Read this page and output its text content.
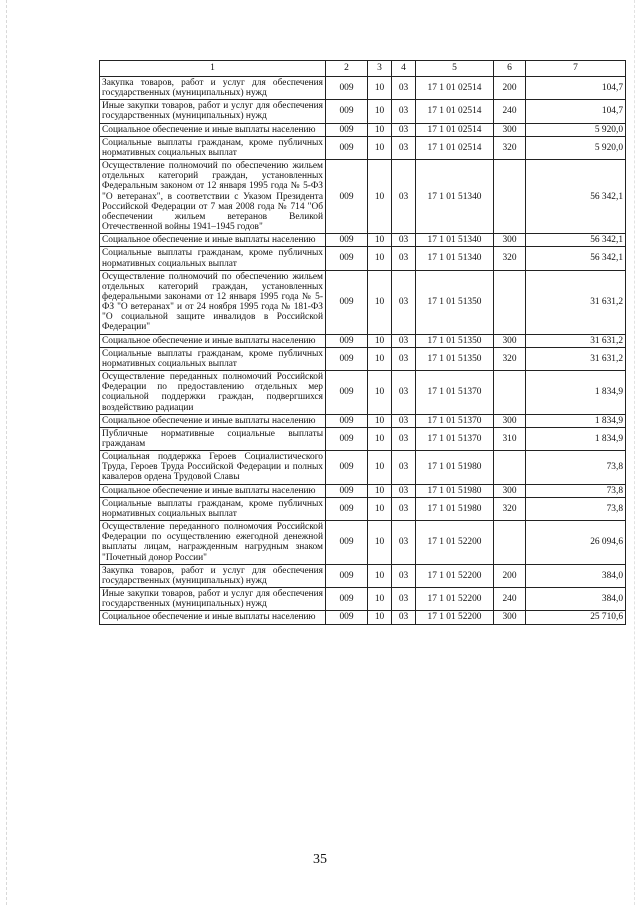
1	2	3	4	5	6	7
Закупка товаров, работ и услуг для обеспечения государственных (муниципальных) нужд	009	10	03	17 1 01 02514	200	104,7
Иные закупки товаров, работ и услуг для обеспечения государственных (муниципальных) нужд	009	10	03	17 1 01 02514	240	104,7
Социальное обеспечение и иные выплаты населению	009	10	03	17 1 01 02514	300	5 920,0
Социальные выплаты гражданам, кроме публичных нормативных социальных выплат	009	10	03	17 1 01 02514	320	5 920,0
Осуществление полномочий по обеспечению жильем отдельных категорий граждан, установленных Федеральным законом от 12 января 1995 года № 5-ФЗ "О ветеранах", в соответствии с Указом Президента Российской Федерации от 7 мая 2008 года № 714 "Об обеспечении жильем ветеранов Великой Отечественной войны 1941–1945 годов"	009	10	03	17 1 01 51340		56 342,1
Социальное обеспечение и иные выплаты населению	009	10	03	17 1 01 51340	300	56 342,1
Социальные выплаты гражданам, кроме публичных нормативных социальных выплат	009	10	03	17 1 01 51340	320	56 342,1
Осуществление полномочий по обеспечению жильем отдельных категорий граждан, установленных федеральными законами от 12 января 1995 года № 5-ФЗ "О ветеранах" и от 24 ноября 1995 года № 181-ФЗ "О социальной защите инвалидов в Российской Федерации"	009	10	03	17 1 01 51350		31 631,2
Социальное обеспечение и иные выплаты населению	009	10	03	17 1 01 51350	300	31 631,2
Социальные выплаты гражданам, кроме публичных нормативных социальных выплат	009	10	03	17 1 01 51350	320	31 631,2
Осуществление переданных полномочий Российской Федерации по предоставлению отдельных мер социальной поддержки граждан, подвергшихся воздействию радиации	009	10	03	17 1 01 51370		1 834,9
Социальное обеспечение и иные выплаты населению	009	10	03	17 1 01 51370	300	1 834,9
Публичные нормативные социальные выплаты гражданам	009	10	03	17 1 01 51370	310	1 834,9
Социальная поддержка Героев Социалистического Труда, Героев Труда Российской Федерации и полных кавалеров ордена Трудовой Славы	009	10	03	17 1 01 51980		73,8
Социальное обеспечение и иные выплаты населению	009	10	03	17 1 01 51980	300	73,8
Социальные выплаты гражданам, кроме публичных нормативных социальных выплат	009	10	03	17 1 01 51980	320	73,8
Осуществление переданного полномочия Российской Федерации по осуществлению ежегодной денежной выплаты лицам, награжденным нагрудным знаком "Почетный донор России"	009	10	03	17 1 01 52200		26 094,6
Закупка товаров, работ и услуг для обеспечения государственных (муниципальных) нужд	009	10	03	17 1 01 52200	200	384,0
Иные закупки товаров, работ и услуг для обеспечения государственных (муниципальных) нужд	009	10	03	17 1 01 52200	240	384,0
Социальное обеспечение и иные выплаты населению	009	10	03	17 1 01 52200	300	25 710,6
35
